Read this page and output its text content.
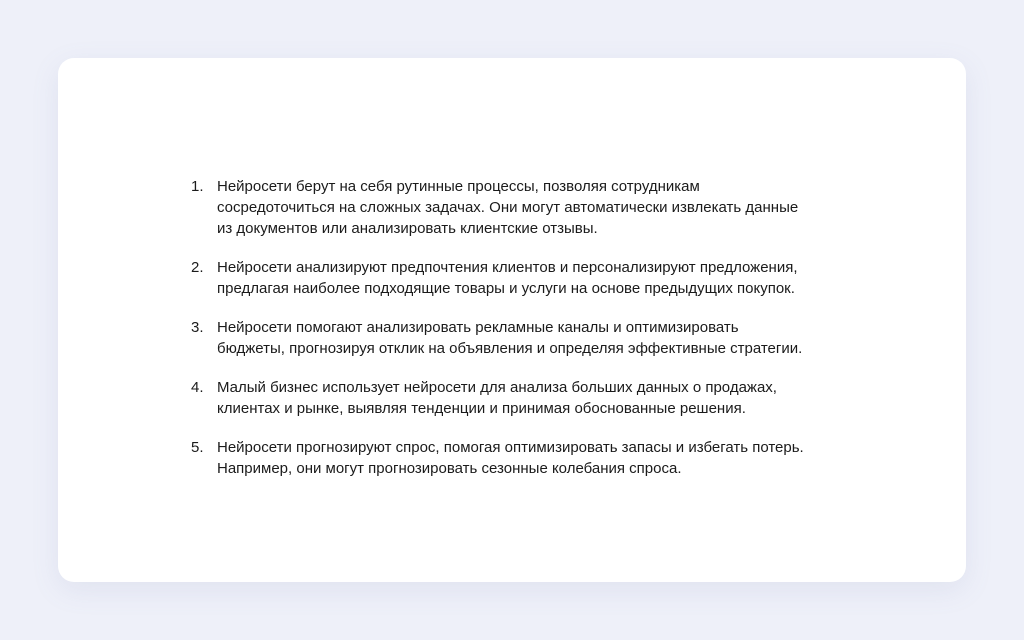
1. Нейросети берут на себя рутинные процессы, позволяя сотрудникам
сосредоточиться на сложных задачах. Они могут автоматически извлекать данные
из документов или анализировать клиентские отзывы.
2. Нейросети анализируют предпочтения клиентов и персонализируют предложения,
предлагая наиболее подходящие товары и услуги на основе предыдущих покупок.
3. Нейросети помогают анализировать рекламные каналы и оптимизировать
бюджеты, прогнозируя отклик на объявления и определяя эффективные стратегии.
4. Малый бизнес использует нейросети для анализа больших данных о продажах,
клиентах и рынке, выявляя тенденции и принимая обоснованные решения.
5. Нейросети прогнозируют спрос, помогая оптимизировать запасы и избегать потерь.
Например, они могут прогнозировать сезонные колебания спроса.
